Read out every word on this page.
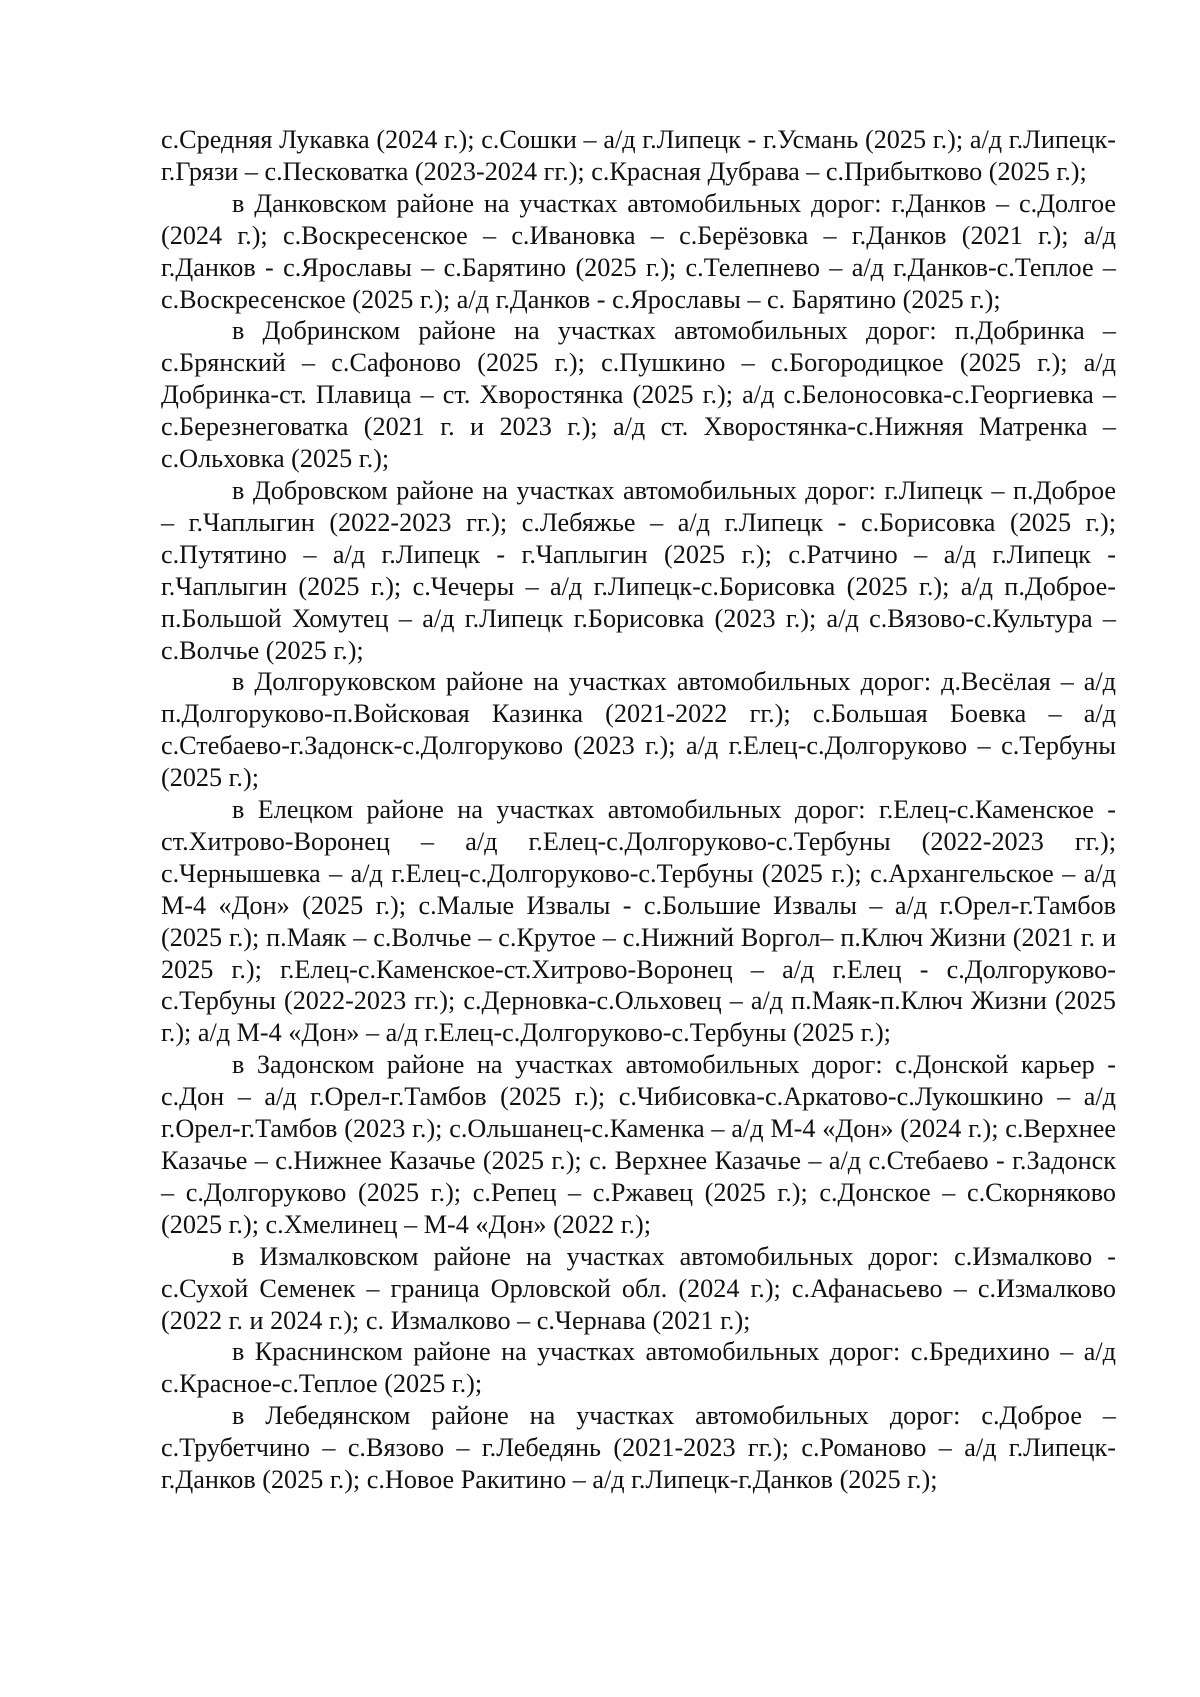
с.Средняя Лукавка (2024 г.); с.Сошки – а/д г.Липецк - г.Усмань (2025 г.); а/д г.Липецк- г.Грязи – с.Песковатка (2023-2024 гг.); с.Красная Дубрава – с.Прибытково (2025 г.);

в Данковском районе на участках автомобильных дорог: г.Данков – с.Долгое (2024 г.); с.Воскресенское – с.Ивановка – с.Берёзовка – г.Данков (2021 г.); а/д г.Данков - с.Ярославы – с.Барятино (2025 г.); с.Телепнево – а/д г.Данков-с.Теплое – с.Воскресенское (2025 г.); а/д г.Данков - с.Ярославы – с. Барятино (2025 г.);

в Добринском районе на участках автомобильных дорог: п.Добринка – с.Брянский – с.Сафоново (2025 г.); с.Пушкино – с.Богородицкое (2025 г.); а/д Добринка-ст. Плавица – ст. Хворостянка (2025 г.); а/д с.Белоносовка-с.Георгиевка – с.Березнеговатка (2021 г. и 2023 г.); а/д ст. Хворостянка-с.Нижняя Матренка – с.Ольховка (2025 г.);

в Добровском районе на участках автомобильных дорог: г.Липецк – п.Доброе – г.Чаплыгин (2022-2023 гг.); с.Лебяжье – а/д г.Липецк - с.Борисовка (2025 г.); с.Путятино – а/д г.Липецк - г.Чаплыгин (2025 г.); с.Ратчино – а/д г.Липецк - г.Чаплыгин (2025 г.); с.Чечеры – а/д г.Липецк-с.Борисовка (2025 г.); а/д п.Доброе-п.Большой Хомутец – а/д г.Липецк г.Борисовка (2023 г.); а/д с.Вязово-с.Культура – с.Волчье (2025 г.);

в Долгоруковском районе на участках автомобильных дорог: д.Весёлая – а/д п.Долгоруково-п.Войсковая Казинка (2021-2022 гг.); с.Большая Боевка – а/д с.Стебаево-г.Задонск-с.Долгоруково (2023 г.); а/д г.Елец-с.Долгоруково – с.Тербуны (2025 г.);

в Елецком районе на участках автомобильных дорог: г.Елец-с.Каменское - ст.Хитрово-Воронец – а/д г.Елец-с.Долгоруково-с.Тербуны (2022-2023 гг.); с.Чернышевка – а/д г.Елец-с.Долгоруково-с.Тербуны (2025 г.); с.Архангельское – а/д М-4 «Дон» (2025 г.); с.Малые Извалы - с.Большие Извалы – а/д г.Орел-г.Тамбов (2025 г.); п.Маяк – с.Волчье – с.Крутое – с.Нижний Воргол– п.Ключ Жизни (2021 г. и 2025 г.); г.Елец-с.Каменское-ст.Хитрово-Воронец – а/д г.Елец - с.Долгоруково-с.Тербуны (2022-2023 гг.); с.Дерновка-с.Ольховец – а/д п.Маяк-п.Ключ Жизни (2025 г.); а/д М-4 «Дон» – а/д г.Елец-с.Долгоруково-с.Тербуны (2025 г.);

в Задонском районе на участках автомобильных дорог: с.Донской карьер - с.Дон – а/д г.Орел-г.Тамбов (2025 г.); с.Чибисовка-с.Аркатово-с.Лукошкино – а/д г.Орел-г.Тамбов (2023 г.); с.Ольшанец-с.Каменка – а/д М-4 «Дон» (2024 г.); с.Верхнее Казачье – с.Нижнее Казачье (2025 г.); с. Верхнее Казачье – а/д с.Стебаево - г.Задонск – с.Долгоруково (2025 г.); с.Репец – с.Ржавец (2025 г.); с.Донское – с.Скорняково (2025 г.); с.Хмелинец – М-4 «Дон» (2022 г.);

в Измалковском районе на участках автомобильных дорог: с.Измалково - с.Сухой Семенек – граница Орловской обл. (2024 г.); с.Афанасьево – с.Измалково (2022 г. и 2024 г.); с. Измалково – с.Чернава (2021 г.);

в Краснинском районе на участках автомобильных дорог: с.Бредихино – а/д с.Красное-с.Теплое (2025 г.);

в Лебедянском районе на участках автомобильных дорог: с.Доброе – с.Трубетчино – с.Вязово – г.Лебедянь (2021-2023 гг.); с.Романово – а/д г.Липецк-г.Данков (2025 г.); с.Новое Ракитино – а/д г.Липецк-г.Данков (2025 г.);
